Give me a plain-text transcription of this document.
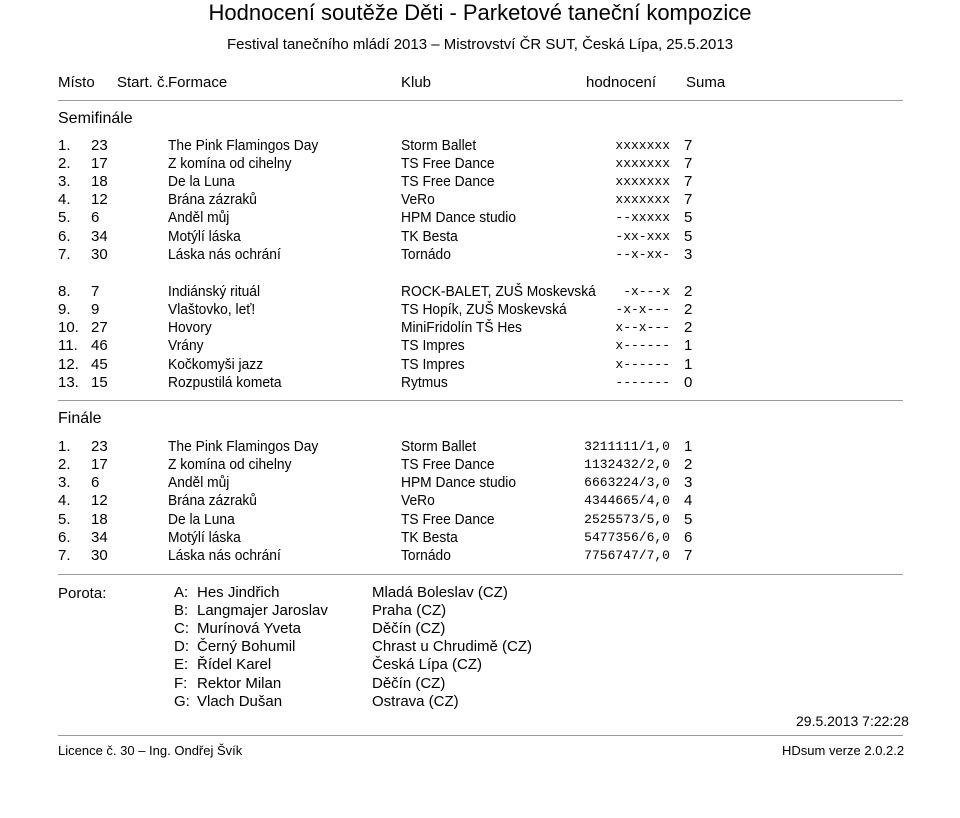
Hodnocení soutěže Děti - Parketové taneční kompozice
Festival tanečního mládí 2013 – Mistrovství ČR SUT, Česká Lípa, 25.5.2013
Místo Start. č. Formace	Klub	hodnocení Suma
Semifinále
1. 23	The Pink Flamingos Day	Storm Ballet	xxxxxxx 7
2. 17	Z komína od cihelny	TS Free Dance	xxxxxxx 7
3. 18	De la Luna	TS Free Dance	xxxxxxx 7
4. 12	Brána zázraků	VeRo	xxxxxxx 7
5. 6	Anděl můj	HPM Dance studio	--xxxxx 5
6. 34	Motýlí láska	TK Besta	-xx-xxx 5
7. 30	Láska nás ochrání	Tornádo	--x-xx- 3
8. 7	Indiánský rituál	ROCK-BALET, ZUŠ Moskevská -x---x 2
9. 9	Vlaštovko, leť!	TS Hopík, ZUŠ Moskevská	-x-x--- 2
10. 27	Hovory	MiniFridolín TŠ Hes	x--x--- 2
11. 46	Vrány	TS Impres	x------ 1
12. 45	Kočkomyši jazz	TS Impres	x------ 1
13. 15	Rozpustilá kometa	Rytmus	------- 0
Finále
1. 23	The Pink Flamingos Day	Storm Ballet	3211111/1,0 1
2. 17	Z komína od cihelny	TS Free Dance	1132432/2,0 2
3. 6	Anděl můj	HPM Dance studio	6663224/3,0 3
4. 12	Brána zázraků	VeRo	4344665/4,0 4
5. 18	De la Luna	TS Free Dance	2525573/5,0 5
6. 34	Motýlí láska	TK Besta	5477356/6,0 6
7. 30	Láska nás ochrání	Tornádo	7756747/7,0 7
Porota:	A: Hes Jindřich	Mladá Boleslav (CZ)
B: Langmajer Jaroslav	Praha (CZ)
C: Murínová Yveta	Děčín (CZ)
D: Černý Bohumil	Chrast u Chrudimě (CZ)
E: Řídel Karel	Česká Lípa (CZ)
F: Rektor Milan	Děčín (CZ)
G: Vlach Dušan	Ostrava (CZ)
29.5.2013 7:22:28
Licence č. 30 – Ing. Ondřej Švík	HDsum verze 2.0.2.2
